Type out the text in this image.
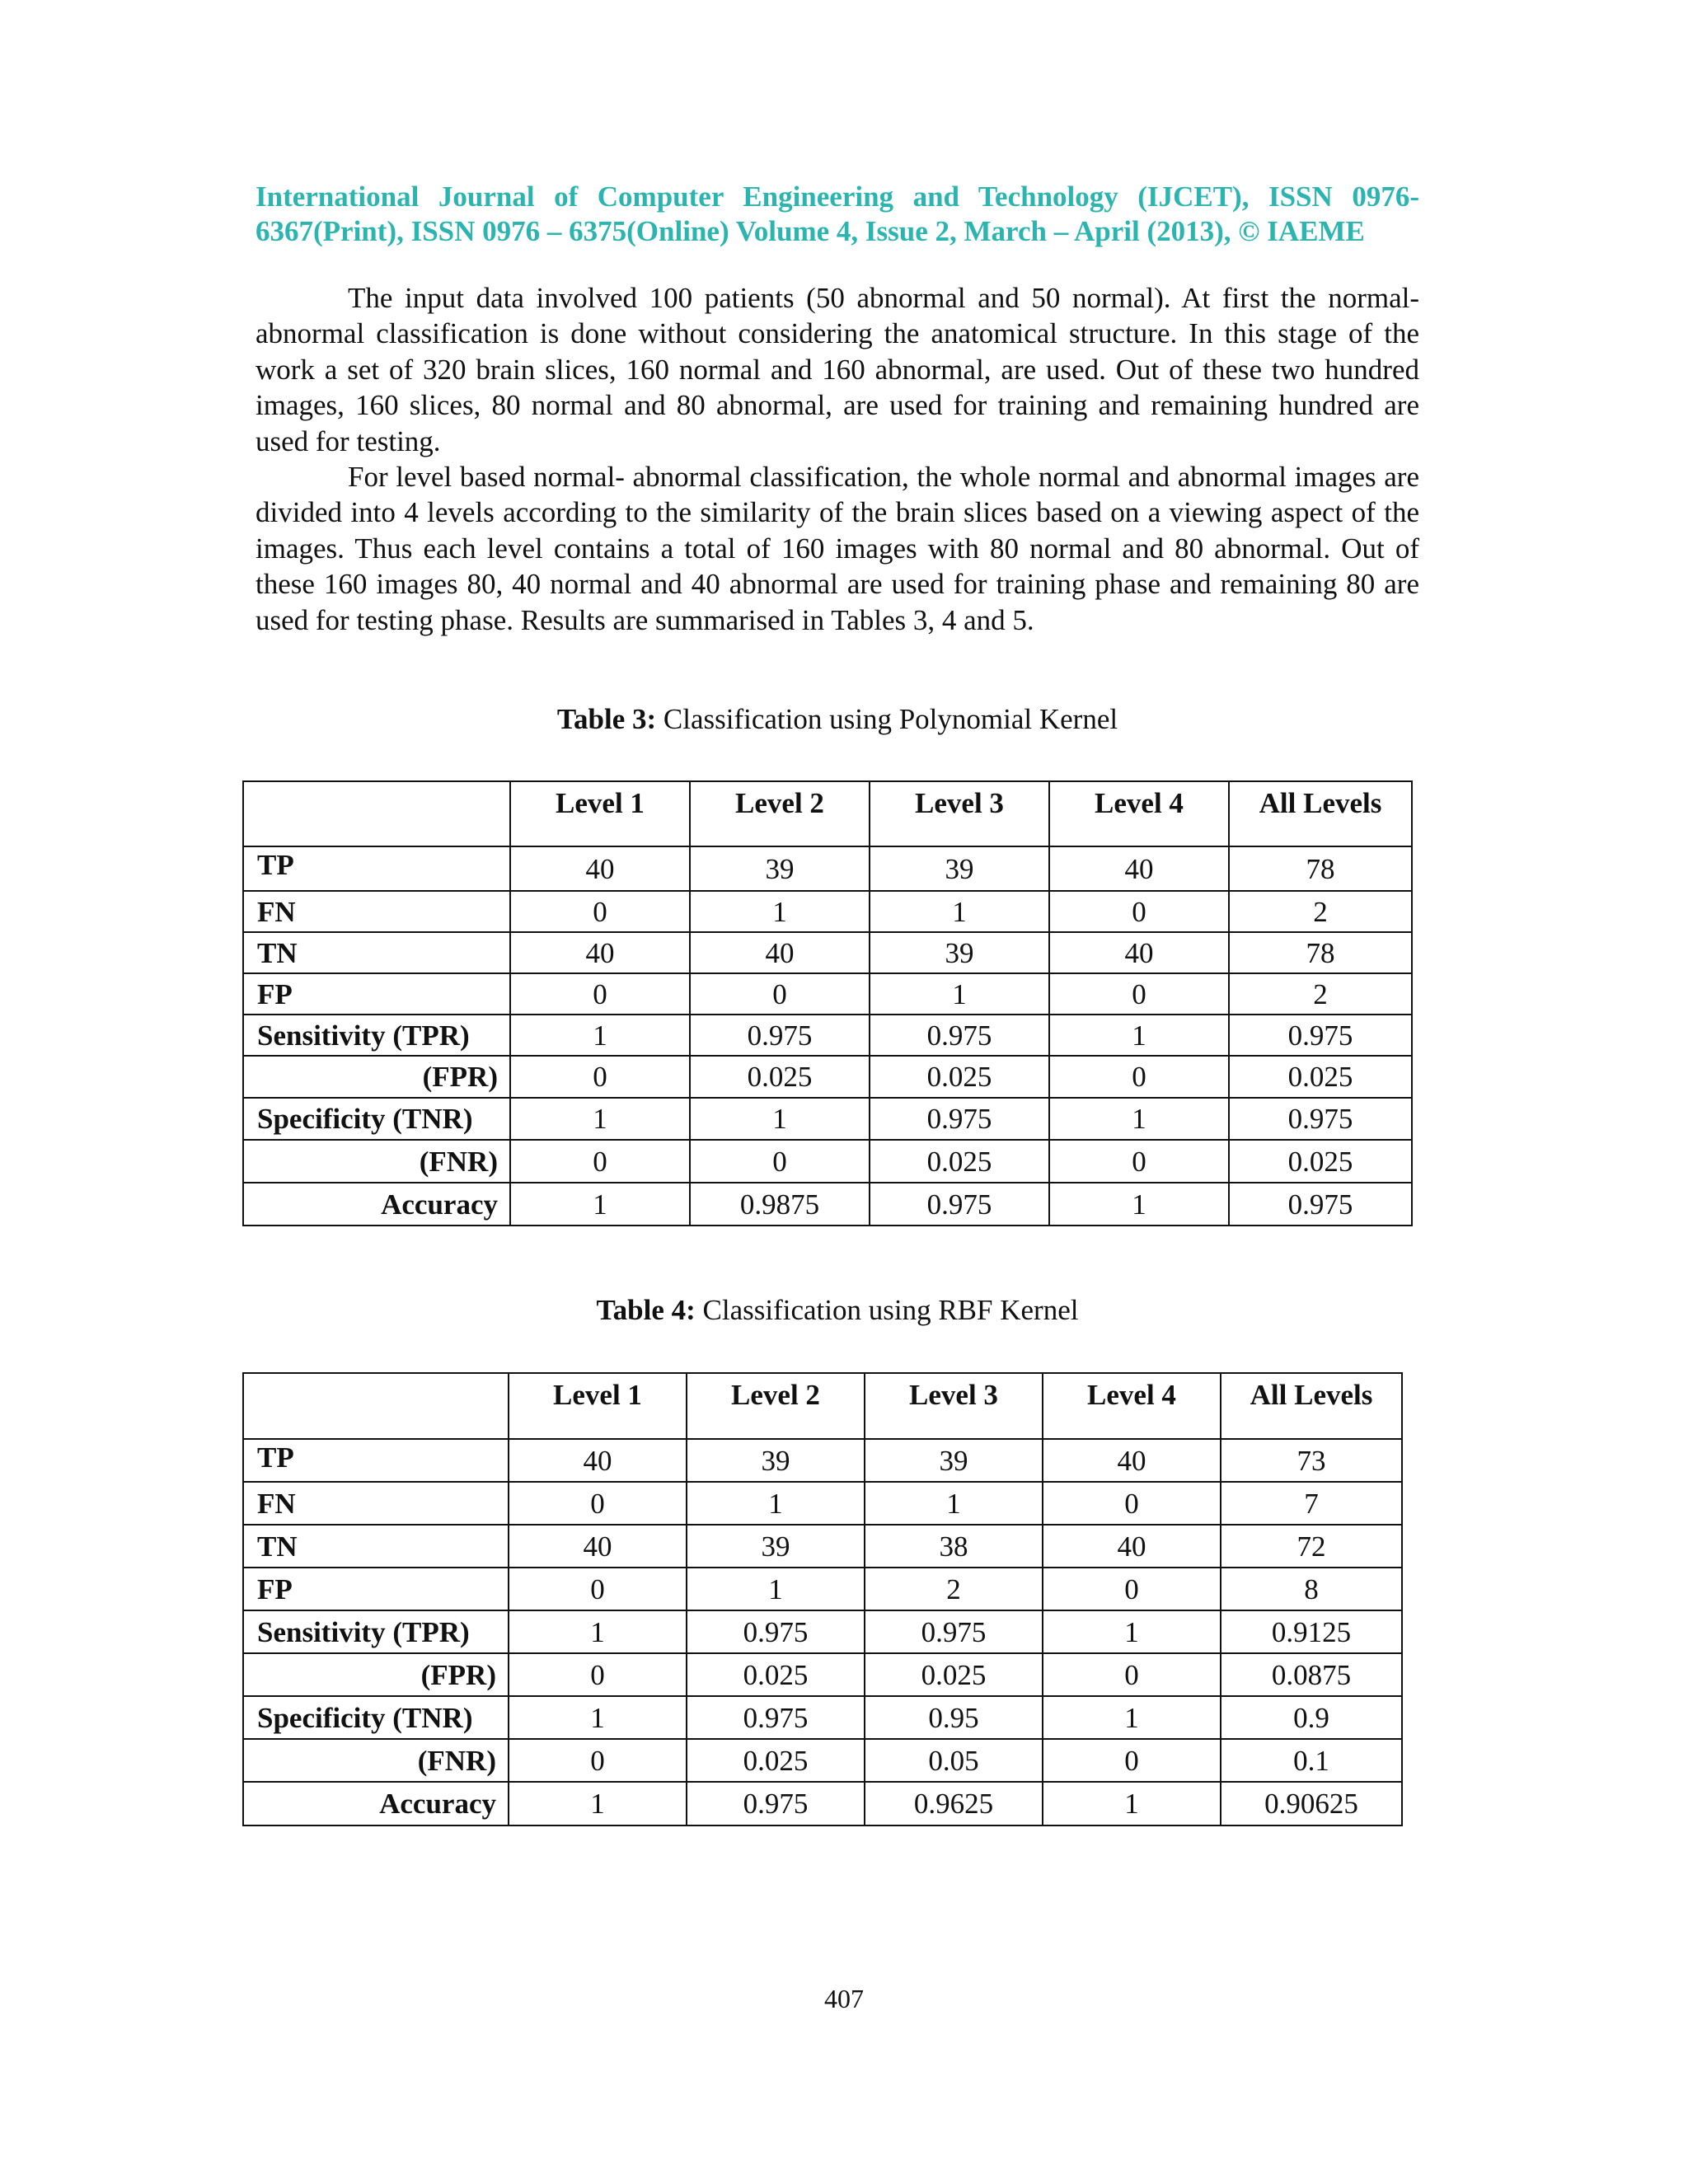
International Journal of Computer Engineering and Technology (IJCET), ISSN 0976-6367(Print), ISSN 0976 – 6375(Online) Volume 4, Issue 2, March – April (2013), © IAEME

The input data involved 100 patients (50 abnormal and 50 normal). At first the normal- abnormal classification is done without considering the anatomical structure. In this stage of the work a set of 320 brain slices, 160 normal and 160 abnormal, are used. Out of these two hundred images, 160 slices, 80 normal and 80 abnormal, are used for training and remaining hundred are used for testing.

For level based normal- abnormal classification, the whole normal and abnormal images are divided into 4 levels according to the similarity of the brain slices based on a viewing aspect of the images. Thus each level contains a total of 160 images with 80 normal and 80 abnormal. Out of these 160 images 80, 40 normal and 40 abnormal are used for training phase and remaining 80 are used for testing phase. Results are summarised in Tables 3, 4 and 5.

Table 3: Classification using Polynomial Kernel

	Level 1	Level 2	Level 3	Level 4	All Levels
TP	40	39	39	40	78
FN	0	1	1	0	2
TN	40	40	39	40	78
FP	0	0	1	0	2
Sensitivity (TPR)	1	0.975	0.975	1	0.975
(FPR)	0	0.025	0.025	0	0.025
Specificity (TNR)	1	1	0.975	1	0.975
(FNR)	0	0	0.025	0	0.025
Accuracy	1	0.9875	0.975	1	0.975

Table 4: Classification using RBF Kernel

	Level 1	Level 2	Level 3	Level 4	All Levels
TP	40	39	39	40	73
FN	0	1	1	0	7
TN	40	39	38	40	72
FP	0	1	2	0	8
Sensitivity (TPR)	1	0.975	0.975	1	0.9125
(FPR)	0	0.025	0.025	0	0.0875
Specificity (TNR)	1	0.975	0.95	1	0.9
(FNR)	0	0.025	0.05	0	0.1
Accuracy	1	0.975	0.9625	1	0.90625
407
